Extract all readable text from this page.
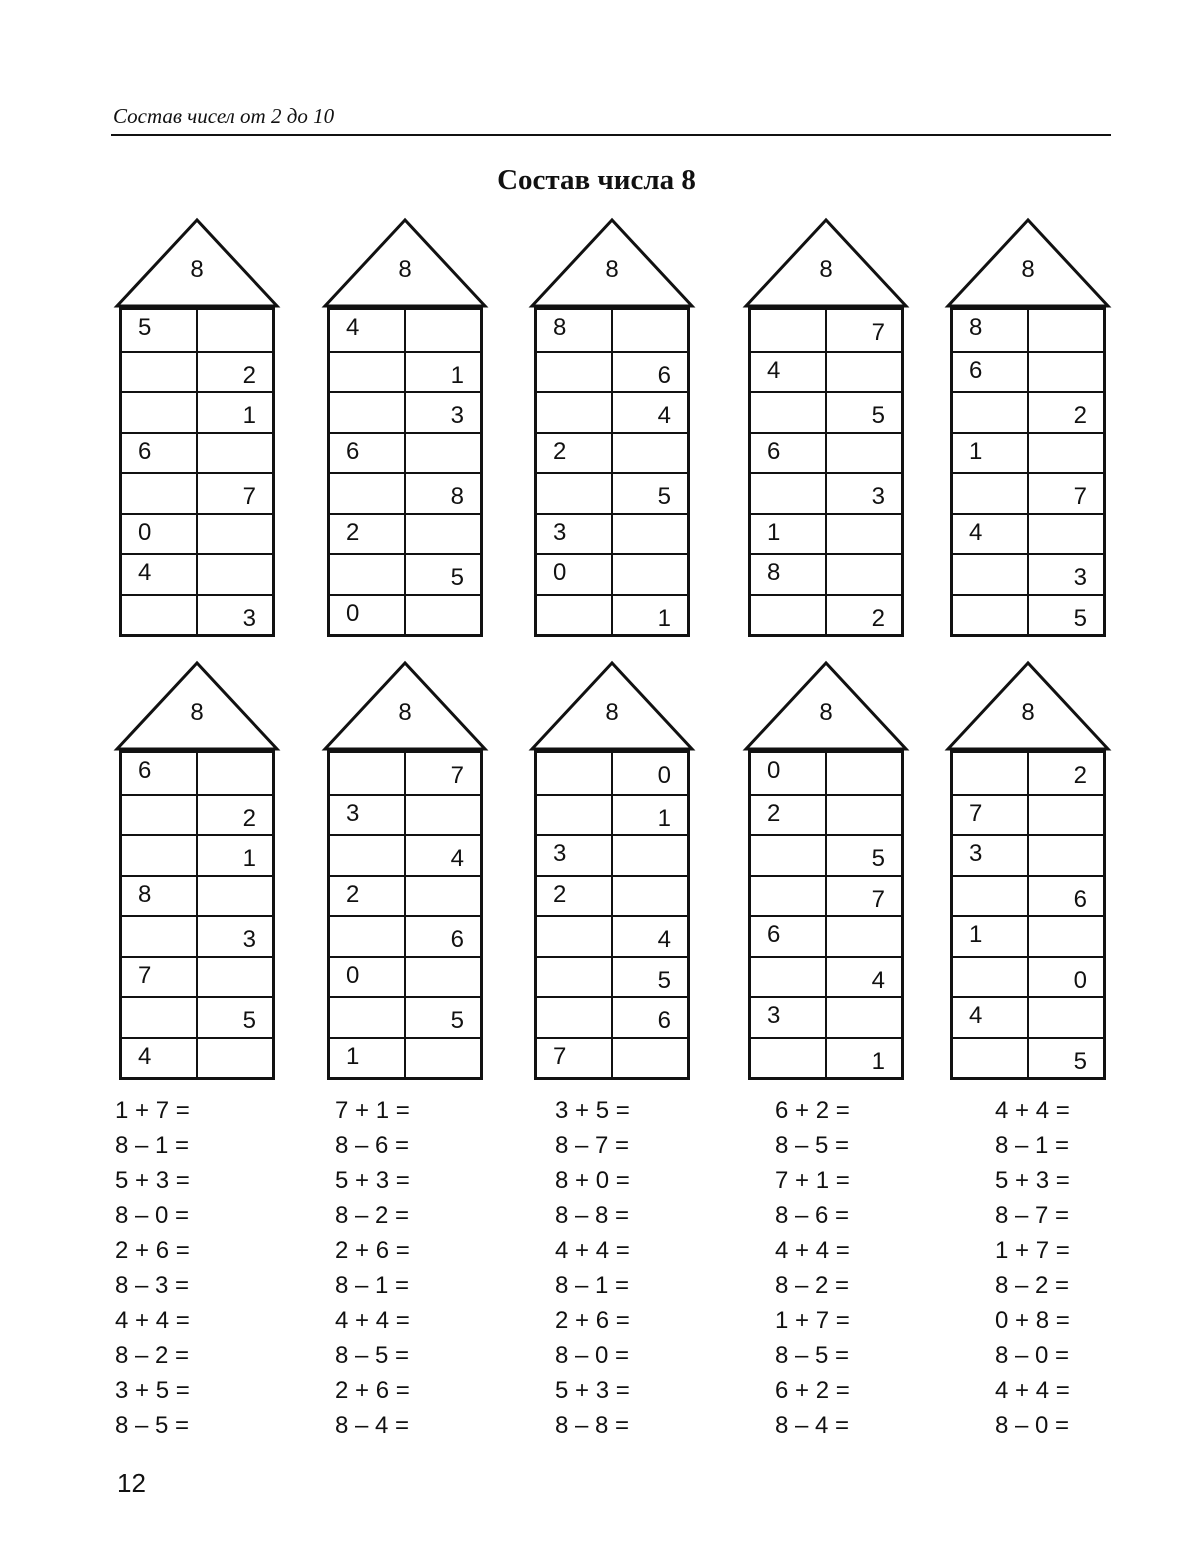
Состав чисел от 2 до 10
Состав числа 8
8
5
2
1
6
7
0
4
3
8
4
1
3
6
8
2
5
0
8
8
6
4
2
5
3
0
1
8
7
4
5
6
3
1
8
2
8
8
6
2
1
7
4
3
5
8
6
2
1
8
3
7
5
4
8
7
3
4
2
6
0
5
1
8
0
1
3
2
4
5
6
7
8
0
2
5
7
6
4
3
1
8
2
7
3
6
1
0
4
5
1 + 7 =
8 – 1 =
5 + 3 =
8 – 0 =
2 + 6 =
8 – 3 =
4 + 4 =
8 – 2 =
3 + 5 =
8 – 5 =
7 + 1 =
8 – 6 =
5 + 3 =
8 – 2 =
2 + 6 =
8 – 1 =
4 + 4 =
8 – 5 =
2 + 6 =
8 – 4 =
3 + 5 =
8 – 7 =
8 + 0 =
8 – 8 =
4 + 4 =
8 – 1 =
2 + 6 =
8 – 0 =
5 + 3 =
8 – 8 =
6 + 2 =
8 – 5 =
7 + 1 =
8 – 6 =
4 + 4 =
8 – 2 =
1 + 7 =
8 – 5 =
6 + 2 =
8 – 4 =
4 + 4 =
8 – 1 =
5 + 3 =
8 – 7 =
1 + 7 =
8 – 2 =
0 + 8 =
8 – 0 =
4 + 4 =
8 – 0 =
12
